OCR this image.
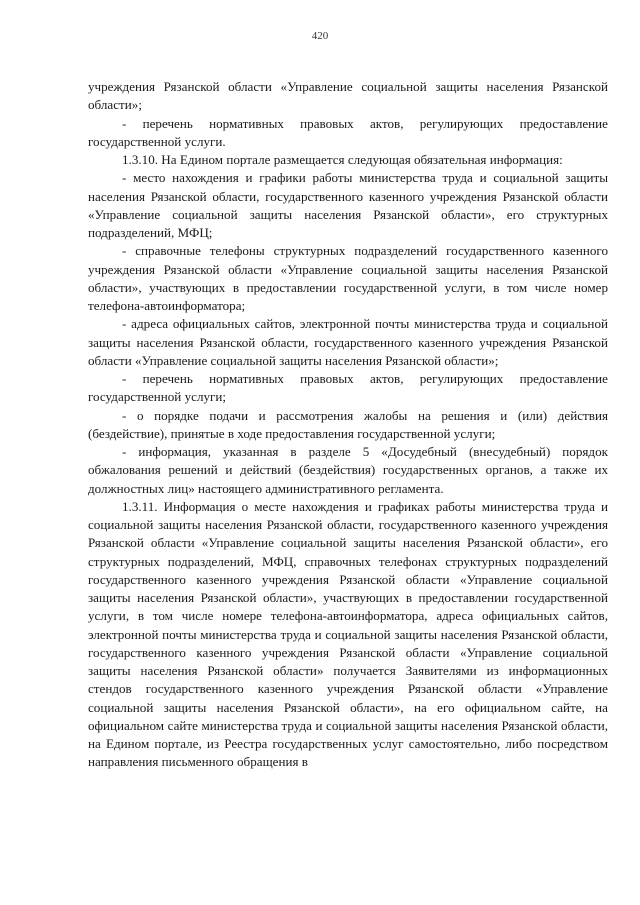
420

учреждения Рязанской области «Управление социальной защиты населения Рязанской области»;

- перечень нормативных правовых актов, регулирующих предоставление государственной услуги.

1.3.10. На Едином портале размещается следующая обязательная информация:

- место нахождения и графики работы министерства труда и социальной защиты населения Рязанской области, государственного казенного учреждения Рязанской области «Управление социальной защиты населения Рязанской области», его структурных подразделений, МФЦ;

- справочные телефоны структурных подразделений государственного казенного учреждения Рязанской области «Управление социальной защиты населения Рязанской области», участвующих в предоставлении государственной услуги, в том числе номер телефона-автоинформатора;

- адреса официальных сайтов, электронной почты министерства труда и социальной защиты населения Рязанской области, государственного казенного учреждения Рязанской области «Управление социальной защиты населения Рязанской области»;

- перечень нормативных правовых актов, регулирующих предоставление государственной услуги;

- о порядке подачи и рассмотрения жалобы на решения и (или) действия (бездействие), принятые в ходе предоставления государственной услуги;

- информация, указанная в разделе 5 «Досудебный (внесудебный) порядок обжалования решений и действий (бездействия) государственных органов, а также их должностных лиц» настоящего административного регламента.

1.3.11. Информация о месте нахождения и графиках работы министерства труда и социальной защиты населения Рязанской области, государственного казенного учреждения Рязанской области «Управление социальной защиты населения Рязанской области», его структурных подразделений, МФЦ, справочных телефонах структурных подразделений государственного казенного учреждения Рязанской области «Управление социальной защиты населения Рязанской области», участвующих в предоставлении государственной услуги, в том числе номере телефона-автоинформатора, адреса официальных сайтов, электронной почты министерства труда и социальной защиты населения Рязанской области, государственного казенного учреждения Рязанской области «Управление социальной защиты населения Рязанской области» получается Заявителями из информационных стендов государственного казенного учреждения Рязанской области «Управление социальной защиты населения Рязанской области», на его официальном сайте, на официальном сайте министерства труда и социальной защиты населения Рязанской области, на Едином портале, из Реестра государственных услуг самостоятельно, либо посредством направления письменного обращения в
